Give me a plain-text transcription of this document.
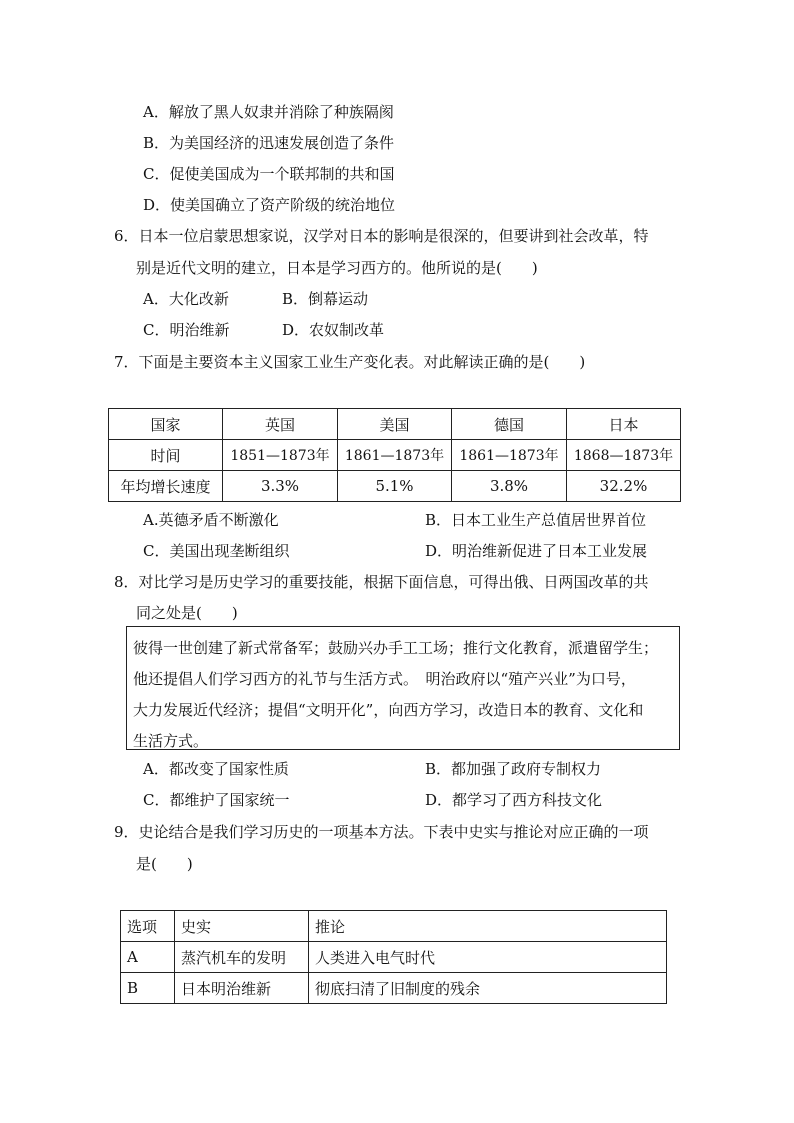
A．解放了黑人奴隶并消除了种族隔阂
B．为美国经济的迅速发展创造了条件
C．促使美国成为一个联邦制的共和国
D．使美国确立了资产阶级的统治地位
6．日本一位启蒙思想家说，汉学对日本的影响是很深的，但要讲到社会改革，特
别是近代文明的建立，日本是学习西方的。他所说的是(　　)
A．大化改新	B．倒幕运动
C．明治维新	D．农奴制改革
7．下面是主要资本主义国家工业生产变化表。对此解读正确的是(　　)
国家	英国	美国	德国	日本
时间	1851—1873年	1861—1873年	1861—1873年	1868—1873年
年均增长速度	3.3%	5.1%	3.8%	32.2%
A.英德矛盾不断激化	B．日本工业生产总值居世界首位
C．美国出现垄断组织	D．明治维新促进了日本工业发展
8．对比学习是历史学习的重要技能，根据下面信息，可得出俄、日两国改革的共
同之处是(　　)
彼得一世创建了新式常备军；鼓励兴办手工工场；推行文化教育，派遣留学生；
他还提倡人们学习西方的礼节与生活方式。　明治政府以“殖产兴业”为口号，
大力发展近代经济；提倡“文明开化”，向西方学习，改造日本的教育、文化和
生活方式。
A．都改变了国家性质	B．都加强了政府专制权力
C．都维护了国家统一	D．都学习了西方科技文化
9．史论结合是我们学习历史的一项基本方法。下表中史实与推论对应正确的一项
是(　　)
选项	史实	推论
A	蒸汽机车的发明	人类进入电气时代
B	日本明治维新	彻底扫清了旧制度的残余
